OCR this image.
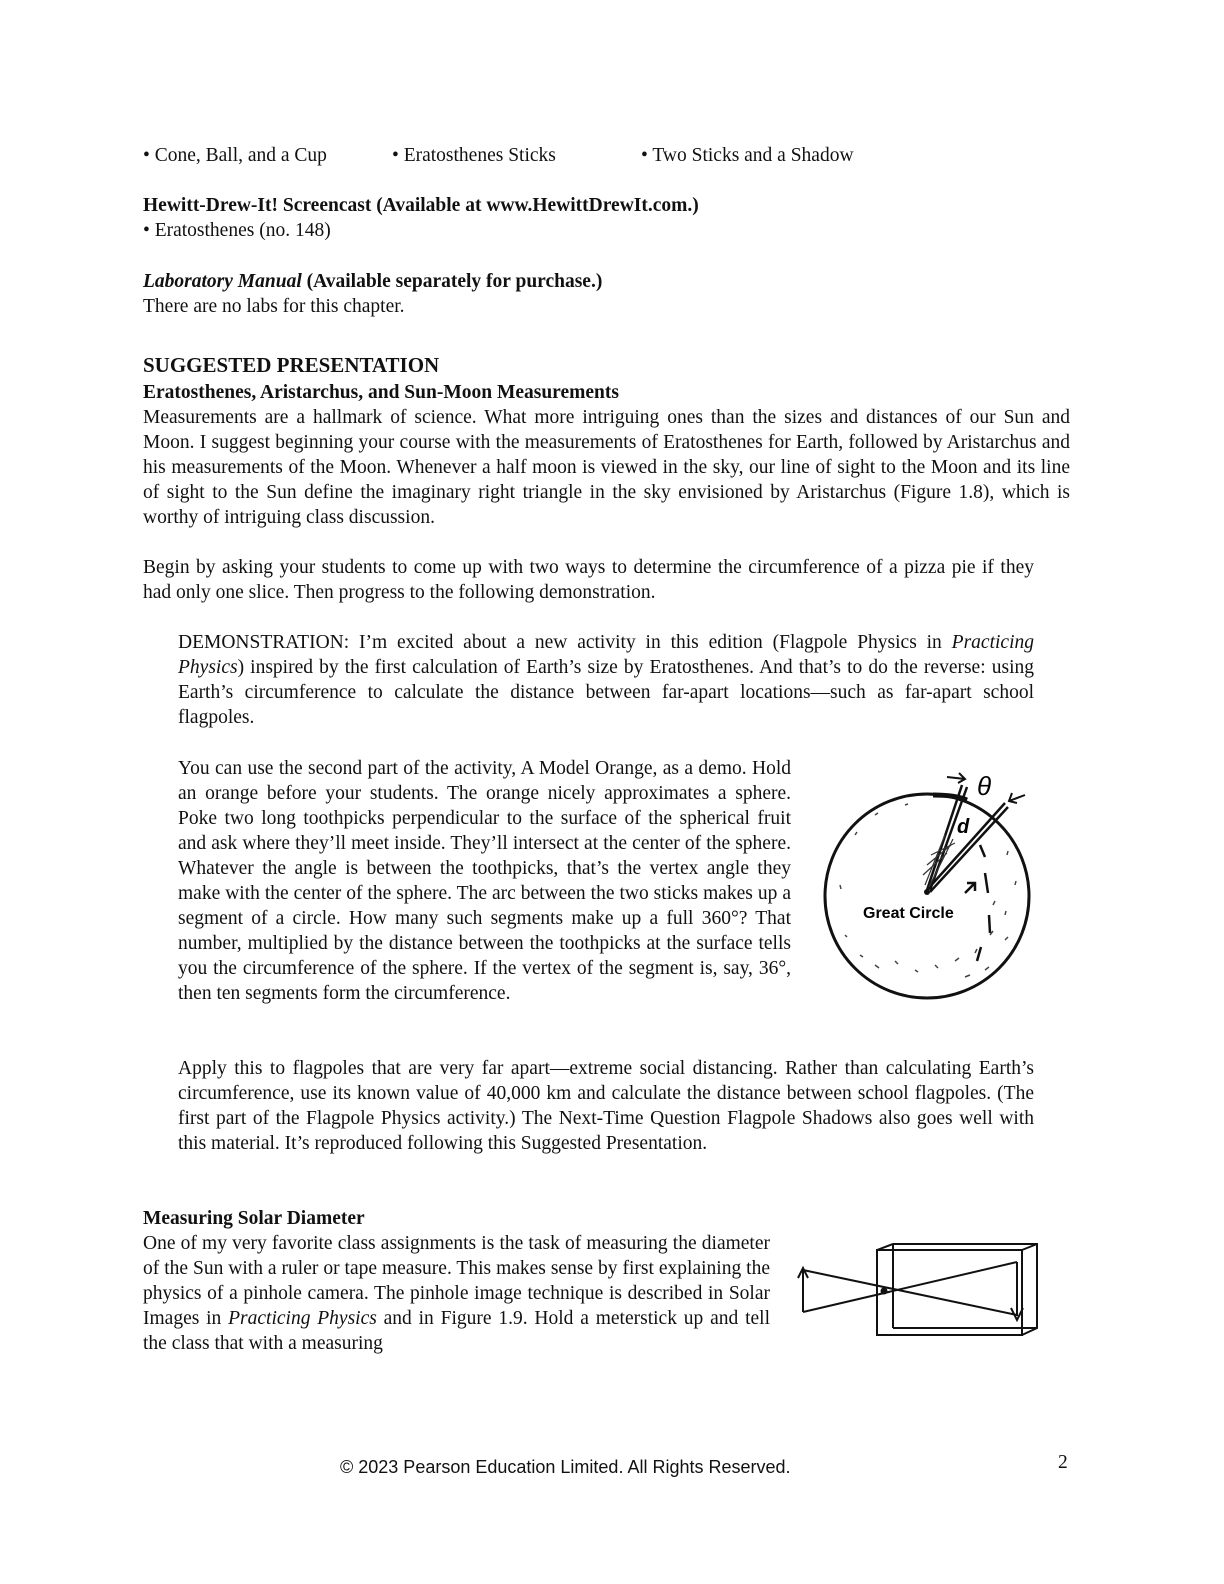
• Cone, Ball, and a Cup	• Eratosthenes Sticks	• Two Sticks and a Shadow

Hewitt-Drew-It! Screencast (Available at www.HewittDrewIt.com.)

• Eratosthenes (no. 148)

Laboratory Manual (Available separately for purchase.)

There are no labs for this chapter.

SUGGESTED PRESENTATION

Eratosthenes, Aristarchus, and Sun-Moon Measurements

Measurements are a hallmark of science. What more intriguing ones than the sizes and distances of our Sun and Moon. I suggest beginning your course with the measurements of Eratosthenes for Earth, followed by Aristarchus and his measurements of the Moon. Whenever a half moon is viewed in the sky, our line of sight to the Moon and its line of sight to the Sun define the imaginary right triangle in the sky envisioned by Aristarchus (Figure 1.8), which is worthy of intriguing class discussion.

Begin by asking your students to come up with two ways to determine the circumference of a pizza pie if they had only one slice. Then progress to the following demonstration.

DEMONSTRATION: I’m excited about a new activity in this edition (Flagpole Physics in Practicing Physics) inspired by the first calculation of Earth’s size by Eratosthenes. And that’s to do the reverse: using Earth’s circumference to calculate the distance between far-apart locations—such as far-apart school flagpoles.

You can use the second part of the activity, A Model Orange, as a demo. Hold an orange before your students. The orange nicely approximates a sphere. Poke two long toothpicks perpendicular to the surface of the spherical fruit and ask where they’ll meet inside. They’ll intersect at the center of the sphere. Whatever the angle is between the toothpicks, that’s the vertex angle they make with the center of the sphere. The arc between the two sticks makes up a segment of a circle. How many such segments make up a full 360°? That number, multiplied by the distance between the toothpicks at the surface tells you the circumference of the sphere. If the vertex of the segment is, say, 36°, then ten segments form the circumference.

θ
d
Great Circle

Apply this to flagpoles that are very far apart—extreme social distancing. Rather than calculating Earth’s circumference, use its known value of 40,000 km and calculate the distance between school flagpoles. (The first part of the Flagpole Physics activity.) The Next-Time Question Flagpole Shadows also goes well with this material. It’s reproduced following this Suggested Presentation.

Measuring Solar Diameter

One of my very favorite class assignments is the task of measuring the diameter of the Sun with a ruler or tape measure. This makes sense by first explaining the physics of a pinhole camera. The pinhole image technique is described in Solar Images in Practicing Physics and in Figure 1.9. Hold a meterstick up and tell the class that with a measuring

© 2023 Pearson Education Limited. All Rights Reserved.	2
